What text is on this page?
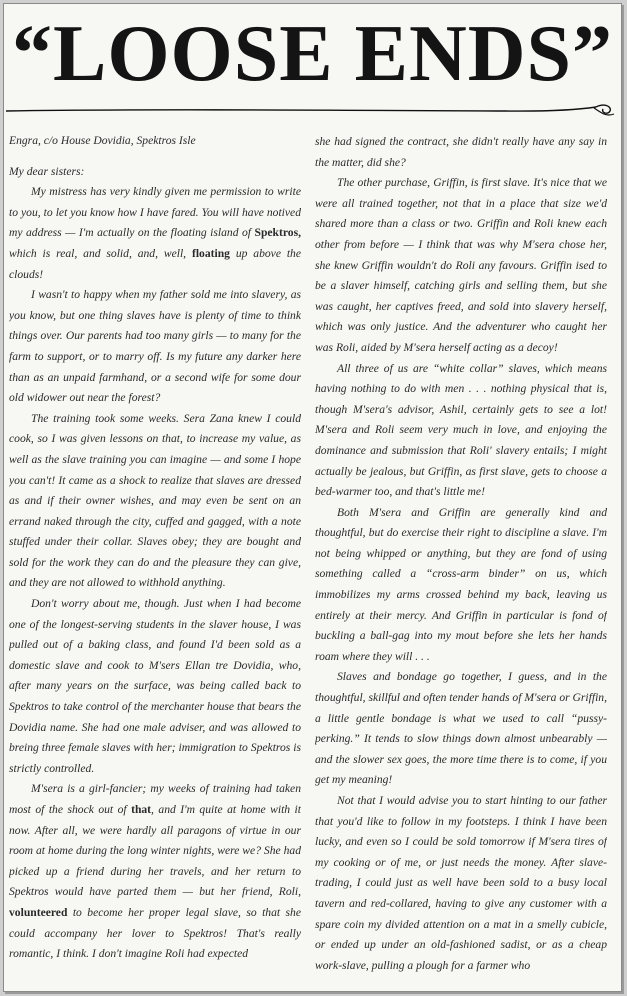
“LOOSE ENDS”

Engra, c/o House Dovidia, Spektros Isle

My dear sisters:

My mistress has very kindly given me permission to write to you, to let you know how I have fared. You will have notived my address — I'm actually on the floating island of Spektros, which is real, and solid, and, well, floating up above the clouds!

I wasn't to happy when my father sold me into slavery, as you know, but one thing slaves have is plenty of time to think things over. Our parents had too many girls — to many for the farm to support, or to marry off. Is my future any darker here than as an unpaid farmhand, or a second wife for some dour old widower out near the forest?

The training took some weeks. Sera Zana knew I could cook, so I was given lessons on that, to increase my value, as well as the slave training you can imagine — and some I hope you can't! It came as a shock to realize that slaves are dressed as and if their owner wishes, and may even be sent on an errand naked through the city, cuffed and gagged, with a note stuffed under their collar. Slaves obey; they are bought and sold for the work they can do and the pleasure they can give, and they are not allowed to withhold anything.

Don't worry about me, though. Just when I had become one of the longest-serving students in the slaver house, I was pulled out of a baking class, and found I'd been sold as a domestic slave and cook to M'sers Ellan tre Dovidia, who, after many years on the surface, was being called back to Spektros to take control of the merchanter house that bears the Dovidia name. She had one male adviser, and was allowed to breing three female slaves with her; immigration to Spektros is strictly controlled.

M'sera is a girl-fancier; my weeks of training had taken most of the shock out of that, and I'm quite at home with it now. After all, we were hardly all paragons of virtue in our room at home during the long winter nights, were we? She had picked up a friend during her travels, and her return to Spektros would have parted them — but her friend, Roli, volunteered to become her proper legal slave, so that she could accompany her lover to Spektros! That's really romantic, I think. I don't imagine Roli had expected

she had signed the contract, she didn't really have any say in the matter, did she?

The other purchase, Griffin, is first slave. It's nice that we were all trained together, not that in a place that size we'd shared more than a class or two. Griffin and Roli knew each other from before — I think that was why M'sera chose her, she knew Griffin wouldn't do Roli any favours. Griffin ised to be a slaver himself, catching girls and selling them, but she was caught, her captives freed, and sold into slavery herself, which was only justice. And the adventurer who caught her was Roli, aided by M'sera herself acting as a decoy!

All three of us are “white collar” slaves, which means having nothing to do with men . . . nothing physical that is, though M'sera's advisor, Ashil, certainly gets to see a lot! M'sera and Roli seem very much in love, and enjoying the dominance and submission that Roli' slavery entails; I might actually be jealous, but Griffin, as first slave, gets to choose a bed-warmer too, and that's little me!

Both M'sera and Griffin are generally kind and thoughtful, but do exercise their right to discipline a slave. I'm not being whipped or anything, but they are fond of using something called a “cross-arm binder” on us, which immobilizes my arms crossed behind my back, leaving us entirely at their mercy. And Griffin in particular is fond of buckling a ball-gag into my mout before she lets her hands roam where they will . . .

Slaves and bondage go together, I guess, and in the thoughtful, skillful and often tender hands of M'sera or Griffin, a little gentle bondage is what we used to call “pussy-perking.” It tends to slow things down almost unbearably — and the slower sex goes, the more time there is to come, if you get my meaning!

Not that I would advise you to start hinting to our father that you'd like to follow in my footsteps. I think I have been lucky, and even so I could be sold tomorrow if M'sera tires of my cooking or of me, or just needs the money. After slave-trading, I could just as well have been sold to a busy local tavern and red-collared, having to give any customer with a spare coin my divided attention on a mat in a smelly cubicle, or ended up under an old-fashioned sadist, or as a cheap work-slave, pulling a plough for a farmer who
